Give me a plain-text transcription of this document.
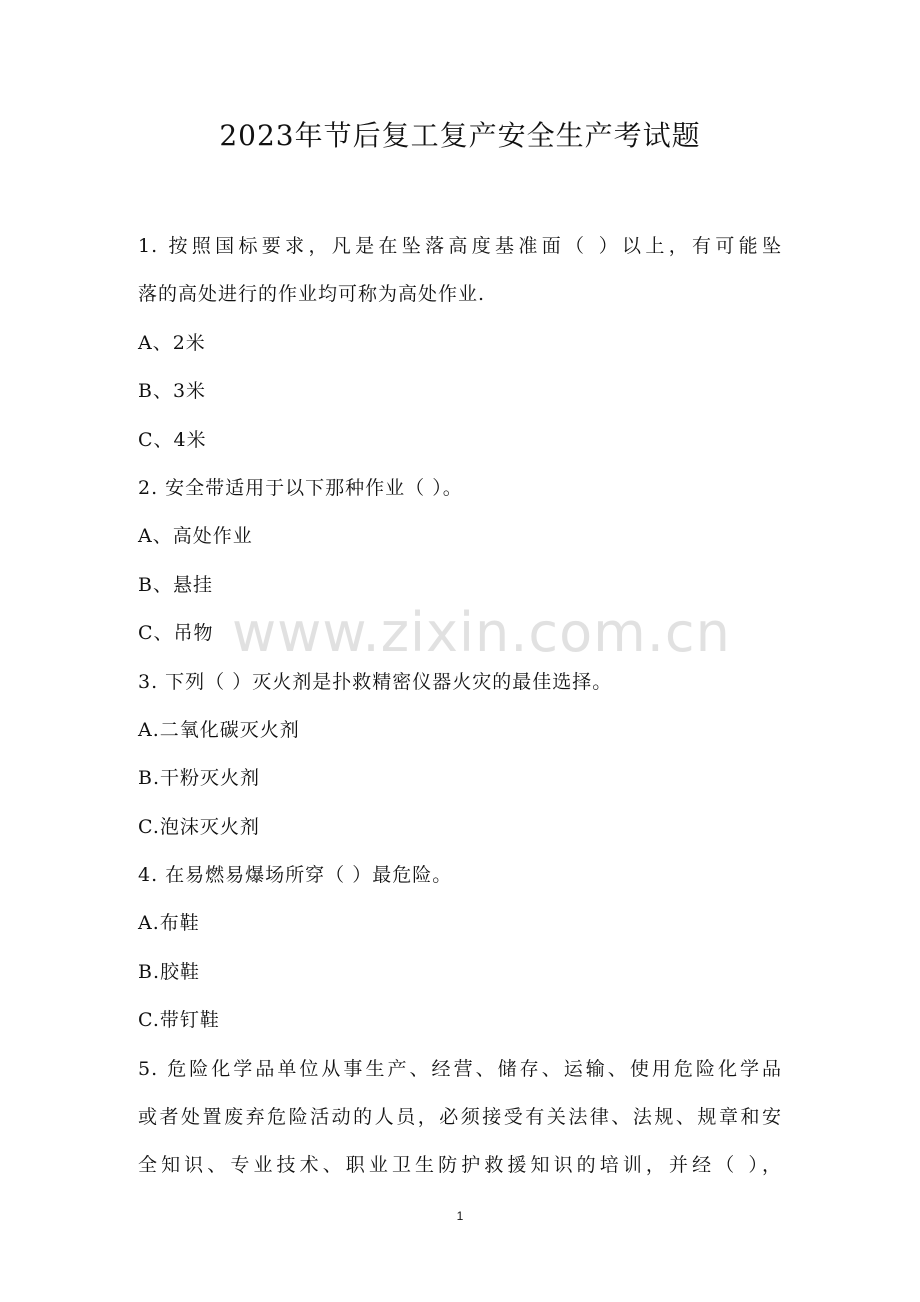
2023年节后复工复产安全生产考试题
1. 按照国标要求，凡是在坠落高度基准面（ ）以上，有可能坠
落的高处进行的作业均可称为高处作业.
A、2米
B、3米
C、4米
2. 安全带适用于以下那种作业（ ）。
A、高处作业
B、悬挂
C、吊物
3. 下列（ ）灭火剂是扑救精密仪器火灾的最佳选择。
A.二氧化碳灭火剂
B.干粉灭火剂
C.泡沫灭火剂
4. 在易燃易爆场所穿（ ）最危险。
A.布鞋
B.胶鞋
C.带钉鞋
5. 危险化学品单位从事生产、经营、储存、运输、使用危险化学品
或者处置废弃危险活动的人员，必须接受有关法律、法规、规章和安
全知识、专业技术、职业卫生防护救援知识的培训，并经（ ），
www.zixin.com.cn
1
